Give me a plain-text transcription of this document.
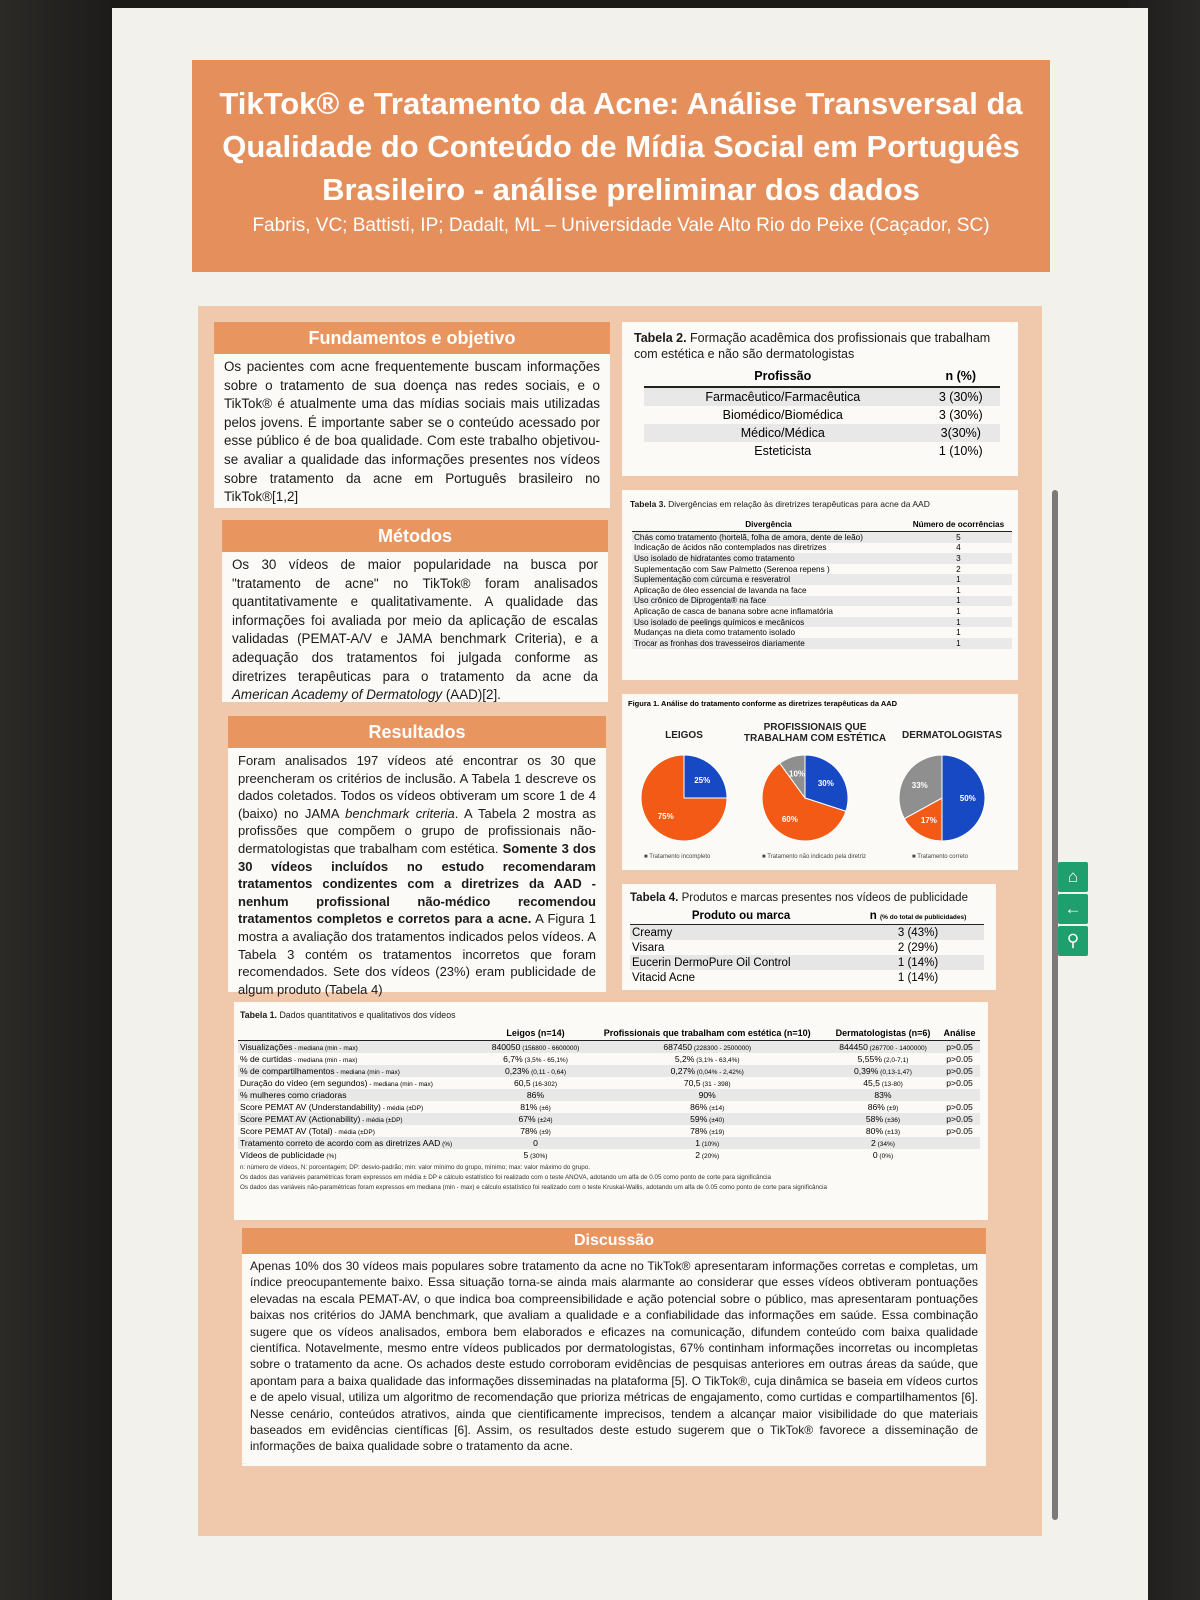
TikTok® e Tratamento da Acne: Análise Transversal da
Qualidade do Conteúdo de Mídia Social em Português
Brasileiro - análise preliminar dos dados
Fabris, VC; Battisti, IP; Dadalt, ML – Universidade Vale Alto Rio do Peixe (Caçador, SC)
Fundamentos e objetivo
Os pacientes com acne frequentemente buscam informações sobre o tratamento de sua doença nas redes sociais, e o TikTok® é atualmente uma das mídias sociais mais utilizadas pelos jovens. É importante saber se o conteúdo acessado por esse público é de boa qualidade. Com este trabalho objetivou-se avaliar a qualidade das informações presentes nos vídeos sobre tratamento da acne em Português brasileiro no TikTok®[1,2]
Métodos
Os 30 vídeos de maior popularidade na busca por "tratamento de acne" no TikTok® foram analisados quantitativamente e qualitativamente. A qualidade das informações foi avaliada por meio da aplicação de escalas validadas (PEMAT-A/V e JAMA benchmark Criteria), e a adequação dos tratamentos foi julgada conforme as diretrizes terapêuticas para o tratamento da acne da American Academy of Dermatology (AAD)[2].
Resultados
Foram analisados 197 vídeos até encontrar os 30 que preencheram os critérios de inclusão. A Tabela 1 descreve os dados coletados. Todos os vídeos obtiveram um score 1 de 4 (baixo) no JAMA benchmark criteria. A Tabela 2 mostra as profissões que compõem o grupo de profissionais não-dermatologistas que trabalham com estética. Somente 3 dos 30 vídeos incluídos no estudo recomendaram tratamentos condizentes com a diretrizes da AAD - nenhum profissional não-médico recomendou tratamentos completos e corretos para a acne. A Figura 1 mostra a avaliação dos tratamentos indicados pelos vídeos. A Tabela 3 contém os tratamentos incorretos que foram recomendados. Sete dos vídeos (23%) eram publicidade de algum produto (Tabela 4)
Tabela 2. Formação acadêmica dos profissionais que trabalham com estética e não são dermatologistas
Profissão	n (%)
Farmacêutico/Farmacêutica	3 (30%)
Biomédico/Biomédica	3 (30%)
Médico/Médica	3(30%)
Esteticista	1 (10%)
Tabela 3. Divergências em relação às diretrizes terapêuticas para acne da AAD
Divergência	Número de ocorrências
Chás como tratamento (hortelã, folha de amora, dente de leão)	5
Indicação de ácidos não contemplados nas diretrizes	4
Uso isolado de hidratantes como tratamento	3
Suplementação com Saw Palmetto (Serenoa repens )	2
Suplementação com cúrcuma e resveratrol	1
Aplicação de óleo essencial de lavanda na face	1
Uso crônico de Diprogenta® na face	1
Aplicação de casca de banana sobre acne inflamatória	1
Uso isolado de peelings químicos e mecânicos	1
Mudanças na dieta como tratamento isolado	1
Trocar as fronhas dos travesseiros diariamente	1
Figura 1. Análise do tratamento conforme as diretrizes terapêuticas da AAD
LEIGOS
PROFISSIONAIS QUE TRABALHAM COM ESTÉTICA	DERMATOLOGISTAS
25%
75%
30%
60%
10%
50%
17%
33%
■ Tratamento incompleto	■ Tratamento não indicado pela diretriz	■ Tratamento correto
Tabela 4. Produtos e marcas presentes nos vídeos de publicidade
Produto ou marca	n (% do total de publicidades)
Creamy	3 (43%)
Visara	2 (29%)
Eucerin DermoPure Oil Control	1 (14%)
Vitacid Acne	1 (14%)
Tabela 1. Dados quantitativos e qualitativos dos vídeos
	Leigos (n=14)	Profissionais que trabalham com estética (n=10)	Dermatologistas (n=6)	Análise
Visualizações - mediana (min - max)	840050 (156800 - 6600000)	687450 (228300 - 2500000)	844450 (267700 - 1400000)	p>0.05
% de curtidas - mediana (min - max)	6,7% (3,5% - 65,1%)	5,2% (3,1% - 63,4%)	5,55% (2,0-7,1)	p>0.05
% de compartilhamentos - mediana (min - max)	0,23% (0,11 - 0,64)	0,27% (0,04% - 2,42%)	0,39% (0,13-1,47)	p>0.05
Duração do vídeo (em segundos) - mediana (min - max)	60,5 (16-302)	70,5 (31 - 398)	45,5 (13-80)	p>0.05
% mulheres como criadoras	86%	90%	83%	
Score PEMAT AV (Understandability) - média (±DP)	81% (±6)	86% (±14)	86% (±9)	p>0.05
Score PEMAT AV (Actionability) - média (±DP)	67% (±24)	59% (±40)	58% (±36)	p>0.05
Score PEMAT AV (Total) - média (±DP)	78% (±9)	78% (±19)	80% (±13)	p>0.05
Tratamento correto de acordo com as diretrizes AAD (%)	0	1 (10%)	2 (34%)	
Vídeos de publicidade (%)	5 (30%)	2 (20%)	0 (0%)	
n: número de vídeos, N: porcentagem; DP: desvio-padrão; min: valor mínimo do grupo, mínimo; max: valor máximo do grupo.
Os dados das variáveis paramétricas foram expressos em média ± DP e cálculo estatístico foi realizado com o teste ANOVA, adotando um alfa de 0.05 como ponto de corte para significância
Os dados das variáveis não-paramétricas foram expressos em mediana (min - max) e cálculo estatístico foi realizado com o teste Kruskal-Wallis, adotando um alfa de 0.05 como ponto de corte para significância
Discussão
Apenas 10% dos 30 vídeos mais populares sobre tratamento da acne no TikTok® apresentaram informações corretas e completas, um índice preocupantemente baixo. Essa situação torna-se ainda mais alarmante ao considerar que esses vídeos obtiveram pontuações elevadas na escala PEMAT-AV, o que indica boa compreensibilidade e ação potencial sobre o público, mas apresentaram pontuações baixas nos critérios do JAMA benchmark, que avaliam a qualidade e a confiabilidade das informações em saúde. Essa combinação sugere que os vídeos analisados, embora bem elaborados e eficazes na comunicação, difundem conteúdo com baixa qualidade científica. Notavelmente, mesmo entre vídeos publicados por dermatologistas, 67% continham informações incorretas ou incompletas sobre o tratamento da acne. Os achados deste estudo corroboram evidências de pesquisas anteriores em outras áreas da saúde, que apontam para a baixa qualidade das informações disseminadas na plataforma [5]. O TikTok®, cuja dinâmica se baseia em vídeos curtos e de apelo visual, utiliza um algoritmo de recomendação que prioriza métricas de engajamento, como curtidas e compartilhamentos [6]. Nesse cenário, conteúdos atrativos, ainda que cientificamente imprecisos, tendem a alcançar maior visibilidade do que materiais baseados em evidências científicas [6]. Assim, os resultados deste estudo sugerem que o TikTok® favorece a disseminação de informações de baixa qualidade sobre o tratamento da acne.
...
⌂
←
⚲
